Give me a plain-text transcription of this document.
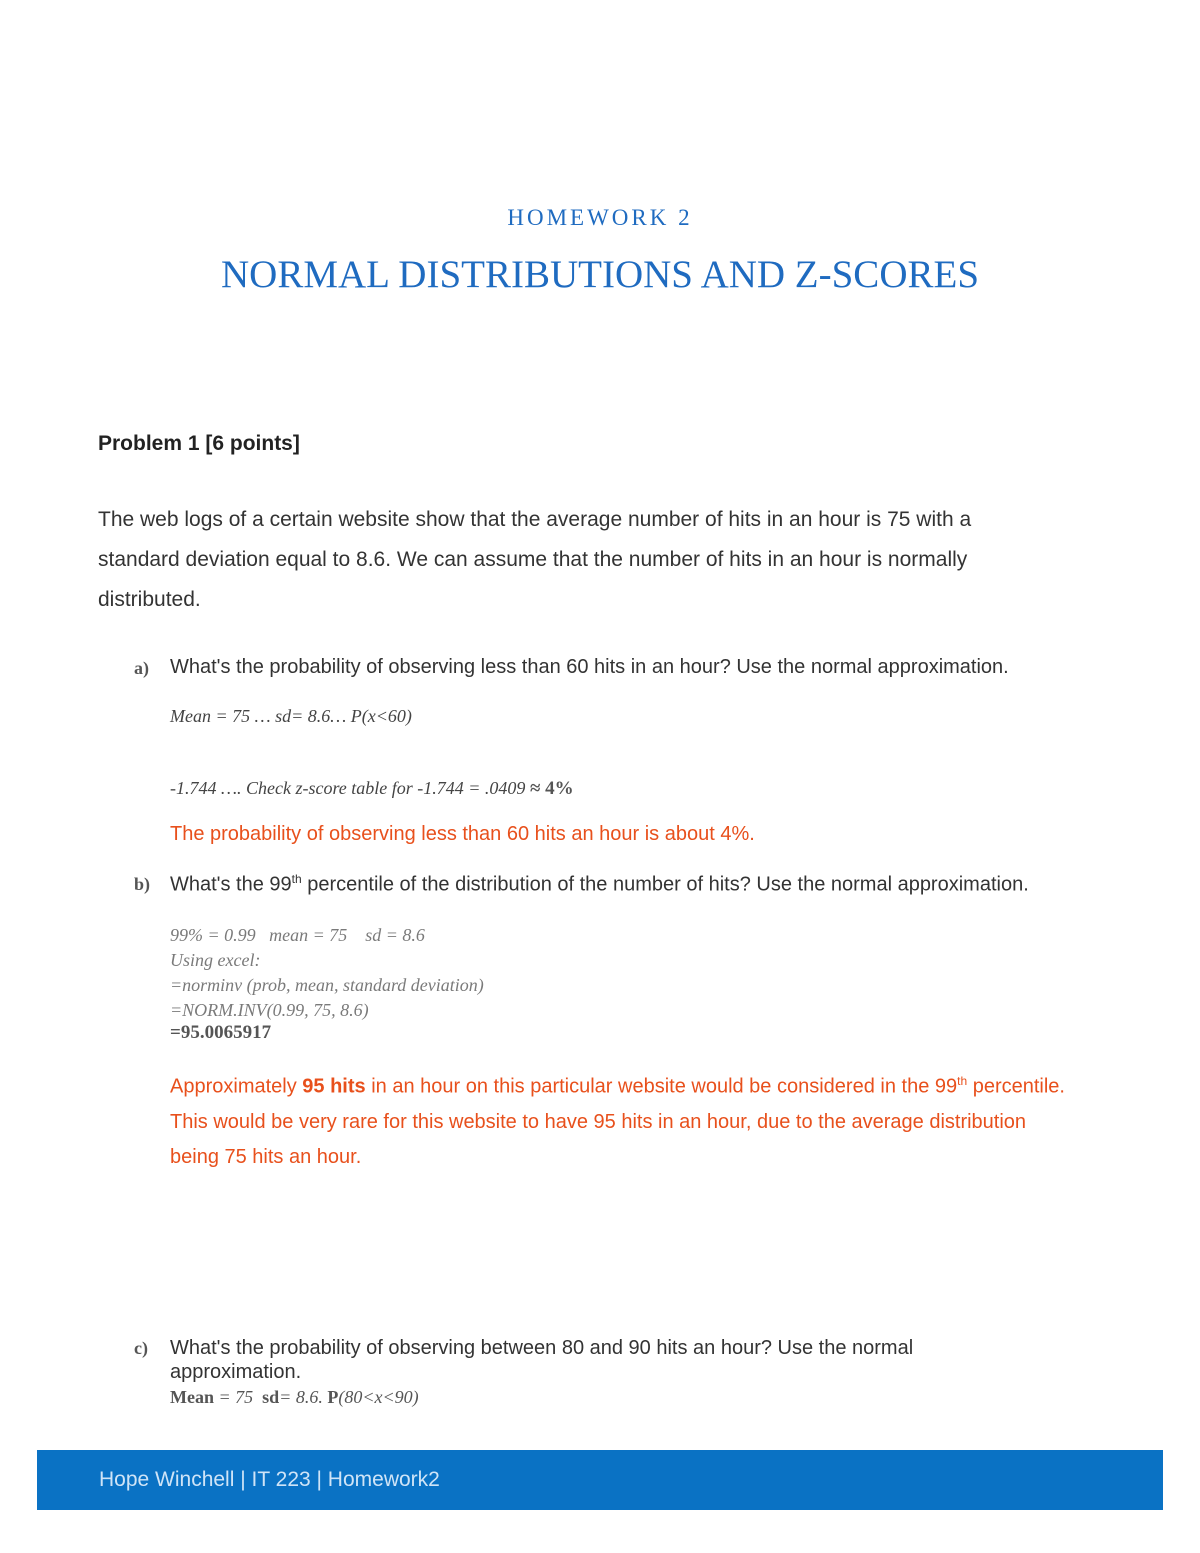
HOMEWORK 2
NORMAL DISTRIBUTIONS AND Z-SCORES
Problem 1 [6 points]
The web logs of a certain website show that the average number of hits in an hour is 75 with a
standard deviation equal to 8.6. We can assume that the number of hits in an hour is normally
distributed.
a) What's the probability of observing less than 60 hits in an hour? Use the normal approximation.
Mean = 75 … sd= 8.6… P(x<60)
-1.744 …. Check z-score table for -1.744 = .0409 ≈ 4%
The probability of observing less than 60 hits an hour is about 4%.
b) What's the 99th percentile of the distribution of the number of hits? Use the normal approximation.
99% = 0.99   mean = 75    sd = 8.6
Using excel:
=norminv (prob, mean, standard deviation)
=NORM.INV(0.99, 75, 8.6)
=95.0065917
Approximately 95 hits in an hour on this particular website would be considered in the 99th percentile.
This would be very rare for this website to have 95 hits in an hour, due to the average distribution
being 75 hits an hour.
c) What's the probability of observing between 80 and 90 hits an hour? Use the normal
approximation.
Mean = 75  sd= 8.6. P(80<x<90)
Hope Winchell | IT 223 | Homework2
